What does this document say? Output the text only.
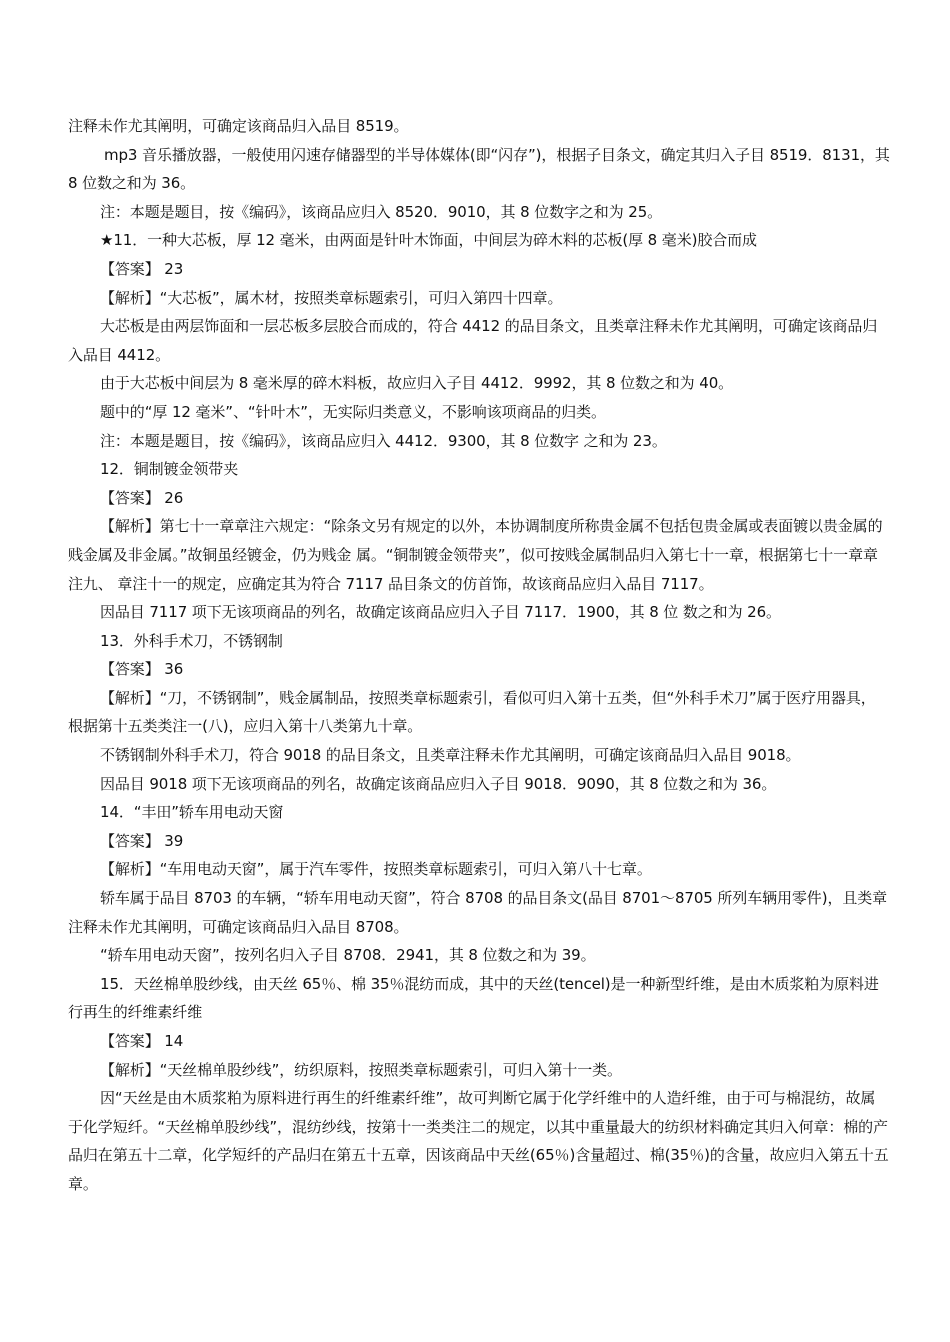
注释未作尤其阐明，可确定该商品归入品目 8519。

mp3 音乐播放器，一般使用闪速存储器型的半导体媒体(即“闪存”)，根据子目条文，确定其归入子目 8519．8131，其 8 位数之和为 36。

注：本题是题目，按《编码》，该商品应归入 8520．9010，其 8 位数字之和为 25。

★11．一种大芯板，厚 12 毫米，由两面是针叶木饰面，中间层为碎木料的芯板(厚 8 毫米)胶合而成

【答案】 23

【解析】“大芯板”，属木材，按照类章标题索引，可归入第四十四章。

大芯板是由两层饰面和一层芯板多层胶合而成的，符合 4412 的品目条文，且类章注释未作尤其阐明，可确定该商品归入品目 4412。

由于大芯板中间层为 8 毫米厚的碎木料板，故应归入子目 4412．9992，其 8 位数之和为 40。

题中的“厚 12 毫米”、“针叶木”，无实际归类意义，不影响该项商品的归类。

注：本题是题目，按《编码》，该商品应归入 4412．9300，其 8 位数字 之和为 23。

12．铜制镀金领带夹

【答案】 26

【解析】第七十一章章注六规定：“除条文另有规定的以外，本协调制度所称贵金属不包括包贵金属或表面镀以贵金属的贱金属及非金属。”故铜虽经镀金，仍为贱金 属。“铜制镀金领带夹”，似可按贱金属制品归入第七十一章，根据第七十一章章注九、 章注十一的规定，应确定其为符合 7117 品目条文的仿首饰，故该商品应归入品目 7117。

因品目 7117 项下无该项商品的列名，故确定该商品应归入子目 7117．1900，其 8 位 数之和为 26。

13．外科手术刀，不锈钢制

【答案】 36

【解析】“刀，不锈钢制”，贱金属制品，按照类章标题索引，看似可归入第十五类，但“外科手术刀”属于医疗用器具，根据第十五类类注一(八)，应归入第十八类第九十章。

不锈钢制外科手术刀，符合 9018 的品目条文，且类章注释未作尤其阐明，可确定该商品归入品目 9018。

因品目 9018 项下无该项商品的列名，故确定该商品应归入子目 9018．9090，其 8 位数之和为 36。

14．“丰田”轿车用电动天窗

【答案】 39

【解析】“车用电动天窗”，属于汽车零件，按照类章标题索引，可归入第八十七章。

轿车属于品目 8703 的车辆，“轿车用电动天窗”，符合 8708 的品目条文(品目 8701～8705 所列车辆用零件)，且类章注释未作尤其阐明，可确定该商品归入品目 8708。

“轿车用电动天窗”，按列名归入子目 8708．2941，其 8 位数之和为 39。

15．天丝棉单股纱线，由天丝 65％、棉 35％混纺而成，其中的天丝(tencel)是一种新型纤维，是由木质浆粕为原料进行再生的纤维素纤维

【答案】 14

【解析】“天丝棉单股纱线”，纺织原料，按照类章标题索引，可归入第十一类。

因“天丝是由木质浆粕为原料进行再生的纤维素纤维”，故可判断它属于化学纤维中的人造纤维，由于可与棉混纺，故属于化学短纤。“天丝棉单股纱线”，混纺纱线，按第十一类类注二的规定，以其中重量最大的纺织材料确定其归入何章：棉的产品归在第五十二章，化学短纤的产品归在第五十五章，因该商品中天丝(65％)含量超过、棉(35％)的含量，故应归入第五十五章。
